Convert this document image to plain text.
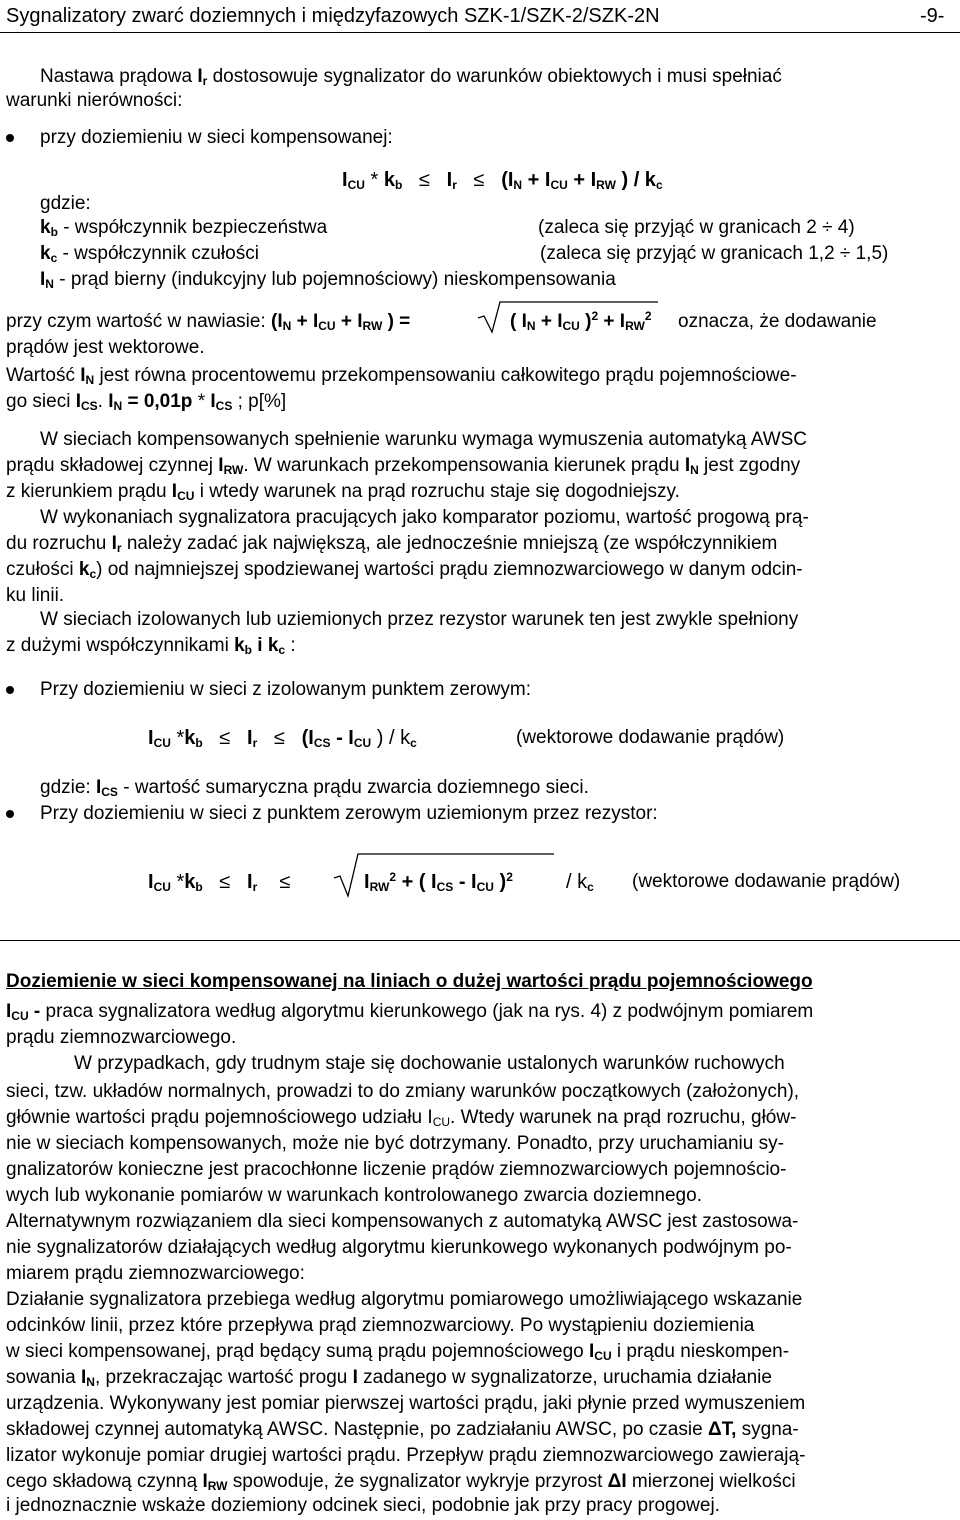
Sygnalizatory zwarć doziemnych i międzyfazowych SZK-1/SZK-2/SZK-2N	-9-
Nastawa prądowa $I_r$ dostosowuje sygnalizator do warunków obiektowych i musi spełniać
warunki nierówności:
przy doziemieniu w sieci kompensowanej:
$I_{CU} * k_b \le I_r \le (I_N + I_{CU} + I_{RW}$ ) / $k_c$
gdzie:
$k_b$ - współczynnik bezpieczeństwa	(zaleca się przyjąć w granicach 2 ÷ 4)
$k_c$ - współczynnik czułości	(zaleca się przyjąć w granicach 1,2 ÷ 1,5)
$I_N$ - prąd bierny (indukcyjny lub pojemnościowy) nieskompensowania
przy czym wartość w nawiasie: ($I_N + I_{CU} + I_{RW}$ ) =	( $I_N + I_{CU}$ )$^2 + I_{RW}^2$ oznacza, że dodawanie
prądów jest wektorowe.
Wartość $I_N$ jest równa procentowemu przekompensowaniu całkowitego prądu pojemnościowe-
go sieci $I_{CS}$. $I_N = 0,01p * I_{CS}$ ; p[%]
W sieciach kompensowanych spełnienie warunku wymaga wymuszenia automatyką AWSC
prądu składowej czynnej $I_{RW}$. W warunkach przekompensowania kierunek prądu $I_N$ jest zgodny
z kierunkiem prądu $I_{CU}$ i wtedy warunek na prąd rozruchu staje się dogodniejszy.
W wykonaniach sygnalizatora pracujących jako komparator poziomu, wartość progową prą-
du rozruchu $I_r$ należy zadać jak największą, ale jednocześnie mniejszą (ze współczynnikiem
czułości $k_c$) od najmniejszej spodziewanej wartości prądu ziemnozwarciowego w danym odcin-
ku linii.
W sieciach izolowanych lub uziemionych przez rezystor warunek ten jest zwykle spełniony
z dużymi współczynnikami $k_b$ i $k_c$ :
Przy doziemieniu w sieci z izolowanym punktem zerowym:
$I_{CU}$ $*k_b \le I_r \le (I_{CS} - I_{CU}$ ) / $k_c$	(wektorowe dodawanie prądów)
gdzie: $I_{CS}$ - wartość sumaryczna prądu zwarcia doziemnego sieci.
Przy doziemieniu w sieci z punktem zerowym uziemionym przez rezystor:
$I_{CU}$ $*k_b \le I_r$ ≤	$I_{RW}^2$ + ( $I_{CS} - I_{CU}$ )$^2$	/ $k_c$ (wektorowe dodawanie prądów)
Doziemienie w sieci kompensowanej na liniach o dużej wartości prądu pojemnościowego
$I_{CU}$ - praca sygnalizatora według algorytmu kierunkowego (jak na rys. 4) z podwójnym pomiarem
prądu ziemnozwarciowego.
W przypadkach, gdy trudnym staje się dochowanie ustalonych warunków ruchowych
sieci, tzw. układów normalnych, prowadzi to do zmiany warunków początkowych (założonych),
głównie wartości prądu pojemnościowego udziału $I_{CU}$. Wtedy warunek na prąd rozruchu, głów-
nie w sieciach kompensowanych, może nie być dotrzymany. Ponadto, przy uruchamianiu sy-
gnalizatorów konieczne jest pracochłonne liczenie prądów ziemnozwarciowych pojemnościo-
wych lub wykonanie pomiarów w warunkach kontrolowanego zwarcia doziemnego.
Alternatywnym rozwiązaniem dla sieci kompensowanych z automatyką AWSC jest zastosowa-
nie sygnalizatorów działających według algorytmu kierunkowego wykonanych podwójnym po-
miarem prądu ziemnozwarciowego:
Działanie sygnalizatora przebiega według algorytmu pomiarowego umożliwiającego wskazanie
odcinków linii, przez które przepływa prąd ziemnozwarciowy. Po wystąpieniu doziemienia
w sieci kompensowanej, prąd będący sumą prądu pojemnościowego $I_{CU}$ i prądu nieskompen-
sowania $I_N$, przekraczając wartość progu I zadanego w sygnalizatorze, uruchamia działanie
urządzenia. Wykonywany jest pomiar pierwszej wartości prądu, jaki płynie przed wymuszeniem
składowej czynnej automatyką AWSC. Następnie, po zadziałaniu AWSC, po czasie ΔT, sygna-
lizator wykonuje pomiar drugiej wartości prądu. Przepływ prądu ziemnozwarciowego zawierają-
cego składową czynną $I_{RW}$ spowoduje, że sygnalizator wykryje przyrost ΔI mierzonej wielkości
i jednoznacznie wskaże doziemiony odcinek sieci, podobnie jak przy pracy progowej.
